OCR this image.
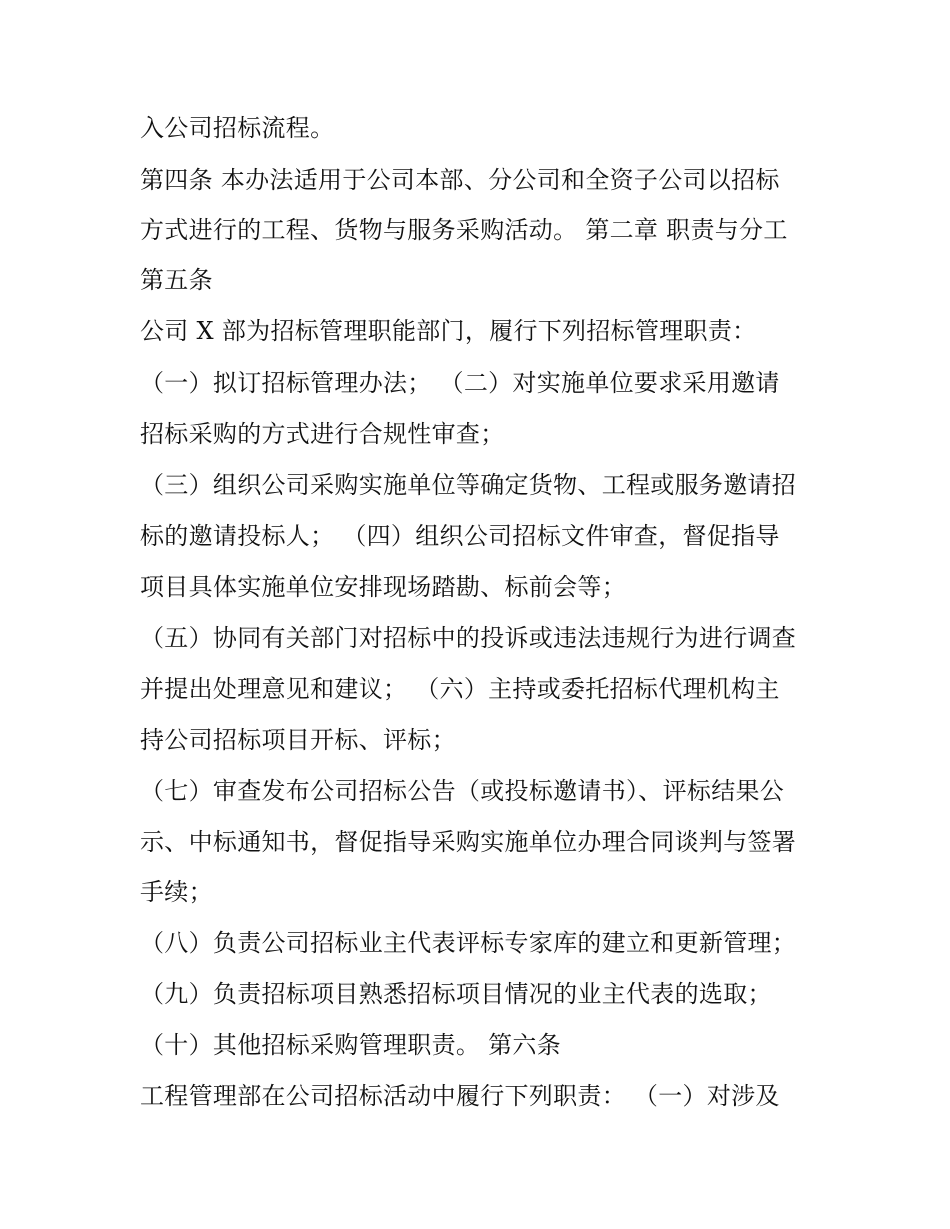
入公司招标流程。
第四条 本办法适用于公司本部、分公司和全资子公司以招标
方式进行的工程、货物与服务采购活动。 第二章 职责与分工
第五条
公司 X 部为招标管理职能部门，履行下列招标管理职责：
（一）拟订招标管理办法； （二）对实施单位要求采用邀请
招标采购的方式进行合规性审查；
（三）组织公司采购实施单位等确定货物、工程或服务邀请招
标的邀请投标人； （四）组织公司招标文件审查，督促指导
项目具体实施单位安排现场踏勘、标前会等；
（五）协同有关部门对招标中的投诉或违法违规行为进行调查
并提出处理意见和建议； （六）主持或委托招标代理机构主
持公司招标项目开标、评标；
（七）审查发布公司招标公告（或投标邀请书）、评标结果公
示、中标通知书，督促指导采购实施单位办理合同谈判与签署
手续；
（八）负责公司招标业主代表评标专家库的建立和更新管理；
（九）负责招标项目熟悉招标项目情况的业主代表的选取；
（十）其他招标采购管理职责。 第六条
工程管理部在公司招标活动中履行下列职责： （一）对涉及
